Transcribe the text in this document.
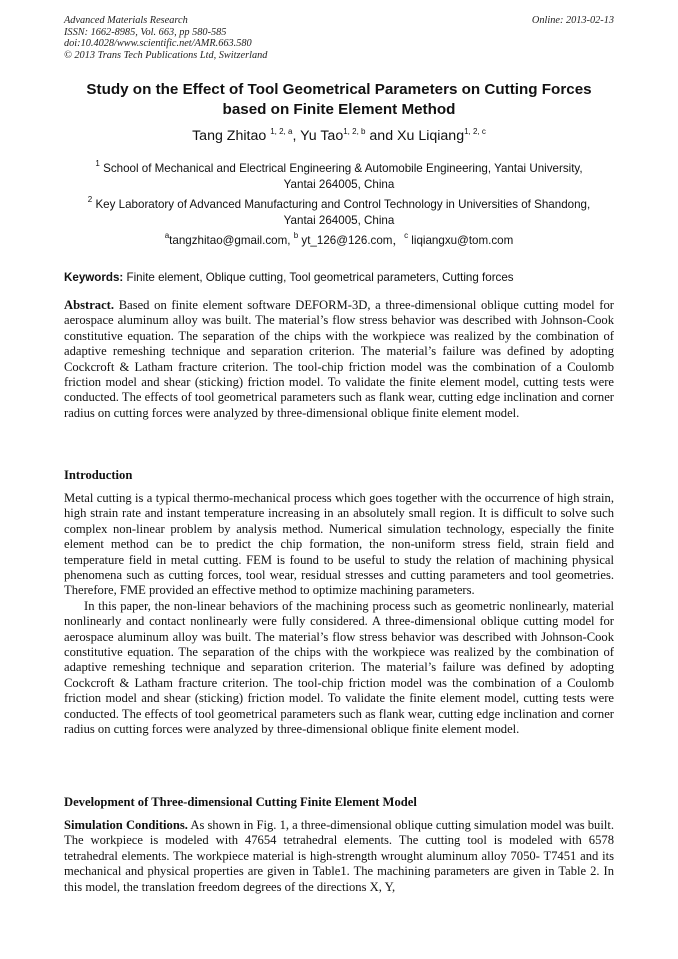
Advanced Materials Research
ISSN: 1662-8985, Vol. 663, pp 580-585
doi:10.4028/www.scientific.net/AMR.663.580
© 2013 Trans Tech Publications Ltd, Switzerland
Online: 2013-02-13
Study on the Effect of Tool Geometrical Parameters on Cutting Forces
based on Finite Element Method
Tang Zhitao $^{1, 2, a}$, Yu Tao$^{1, 2, b}$ and Xu Liqiang$^{1, 2, c}$
$^1$ School of Mechanical and Electrical Engineering & Automobile Engineering, Yantai University,
Yantai 264005, China
$^2$ Key Laboratory of Advanced Manufacturing and Control Technology in Universities of Shandong,
Yantai 264005, China
$^a$tangzhitao@gmail.com, $^b$ yt_126@126.com，$^c$ liqiangxu@tom.com
Keywords: Finite element, Oblique cutting, Tool geometrical parameters, Cutting forces

Abstract. Based on finite element software DEFORM-3D, a three-dimensional oblique cutting model for aerospace aluminum alloy was built. The material’s flow stress behavior was described with Johnson-Cook constitutive equation. The separation of the chips with the workpiece was realized by the combination of adaptive remeshing technique and separation criterion. The material’s failure was defined by adopting Cockcroft & Latham fracture criterion. The tool-chip friction model was the combination of a Coulomb friction model and shear (sticking) friction model. To validate the finite element model, cutting tests were conducted. The effects of tool geometrical parameters such as flank wear, cutting edge inclination and corner radius on cutting forces were analyzed by three-dimensional oblique finite element model.

Introduction

Metal cutting is a typical thermo-mechanical process which goes together with the occurrence of high strain, high strain rate and instant temperature increasing in an absolutely small region. It is difficult to solve such complex non-linear problem by analysis method. Numerical simulation technology, especially the finite element method can be to predict the chip formation, the non-uniform stress field, strain field and temperature field in metal cutting. FEM is found to be useful to study the relation of machining physical phenomena such as cutting forces, tool wear, residual stresses and cutting parameters and tool geometries. Therefore, FME provided an effective method to optimize machining parameters.

In this paper, the non-linear behaviors of the machining process such as geometric nonlinearly, material nonlinearly and contact nonlinearly were fully considered. A three-dimensional oblique cutting model for aerospace aluminum alloy was built. The material’s flow stress behavior was described with Johnson-Cook constitutive equation. The separation of the chips with the workpiece was realized by the combination of adaptive remeshing technique and separation criterion. The material’s failure was defined by adopting Cockcroft & Latham fracture criterion. The tool-chip friction model was the combination of a Coulomb friction model and shear (sticking) friction model. To validate the finite element model, cutting tests were conducted. The effects of tool geometrical parameters such as flank wear, cutting edge inclination and corner radius on cutting forces were analyzed by three-dimensional oblique finite element model.

Development of Three-dimensional Cutting Finite Element Model

Simulation Conditions. As shown in Fig. 1, a three-dimensional oblique cutting simulation model was built. The workpiece is modeled with 47654 tetrahedral elements. The cutting tool is modeled with 6578 tetrahedral elements. The workpiece material is high-strength wrought aluminum alloy 7050- T7451 and its mechanical and physical properties are given in Table1. The machining parameters are given in Table 2. In this model, the translation freedom degrees of the directions X, Y,
